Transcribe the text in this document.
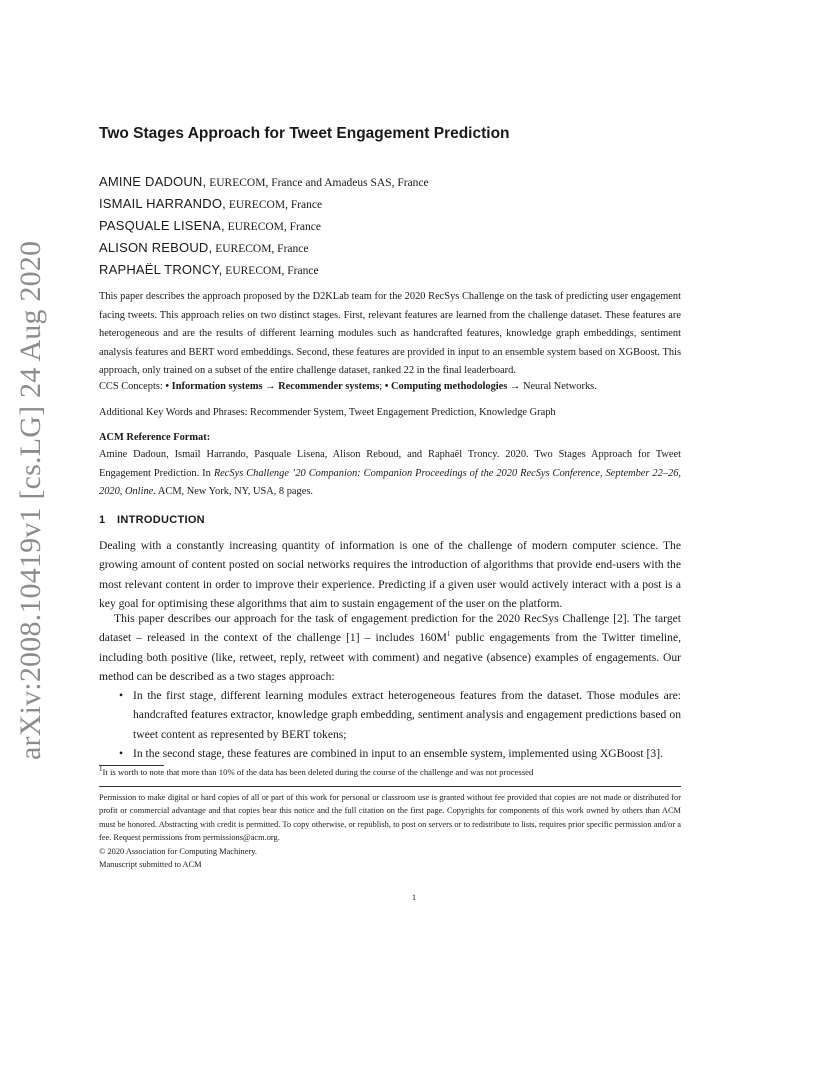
arXiv:2008.10419v1 [cs.LG] 24 Aug 2020
Two Stages Approach for Tweet Engagement Prediction
AMINE DADOUN, EURECOM, France and Amadeus SAS, France
ISMAIL HARRANDO, EURECOM, France
PASQUALE LISENA, EURECOM, France
ALISON REBOUD, EURECOM, France
RAPHAËL TRONCY, EURECOM, France
This paper describes the approach proposed by the D2KLab team for the 2020 RecSys Challenge on the task of predicting user engagement facing tweets. This approach relies on two distinct stages. First, relevant features are learned from the challenge dataset. These features are heterogeneous and are the results of different learning modules such as handcrafted features, knowledge graph embeddings, sentiment analysis features and BERT word embeddings. Second, these features are provided in input to an ensemble system based on XGBoost. This approach, only trained on a subset of the entire challenge dataset, ranked 22 in the final leaderboard.
CCS Concepts: • Information systems → Recommender systems; • Computing methodologies → Neural Networks.
Additional Key Words and Phrases: Recommender System, Tweet Engagement Prediction, Knowledge Graph
ACM Reference Format:
Amine Dadoun, Ismail Harrando, Pasquale Lisena, Alison Reboud, and Raphaël Troncy. 2020. Two Stages Approach for Tweet Engagement Prediction. In RecSys Challenge ’20 Companion: Companion Proceedings of the 2020 RecSys Conference, September 22–26, 2020, Online. ACM, New York, NY, USA, 8 pages.
1 INTRODUCTION
Dealing with a constantly increasing quantity of information is one of the challenge of modern computer science. The growing amount of content posted on social networks requires the introduction of algorithms that provide end-users with the most relevant content in order to improve their experience. Predicting if a given user would actively interact with a post is a key goal for optimising these algorithms that aim to sustain engagement of the user on the platform.
This paper describes our approach for the task of engagement prediction for the 2020 RecSys Challenge [2]. The target dataset – released in the context of the challenge [1] – includes $160M^1$ public engagements from the Twitter timeline, including both positive (like, retweet, reply, retweet with comment) and negative (absence) examples of engagements. Our method can be described as a two stages approach:
• In the first stage, different learning modules extract heterogeneous features from the dataset. Those modules are: handcrafted features extractor, knowledge graph embedding, sentiment analysis and engagement predictions based on tweet content as represented by BERT tokens;
• In the second stage, these features are combined in input to an ensemble system, implemented using XGBoost [3].
$^1$It is worth to note that more than 10% of the data has been deleted during the course of the challenge and was not processed
Permission to make digital or hard copies of all or part of this work for personal or classroom use is granted without fee provided that copies are not made or distributed for profit or commercial advantage and that copies bear this notice and the full citation on the first page. Copyrights for components of this work owned by others than ACM must be honored. Abstracting with credit is permitted. To copy otherwise, or republish, to post on servers or to redistribute to lists, requires prior specific permission and/or a fee. Request permissions from permissions@acm.org.
© 2020 Association for Computing Machinery.
Manuscript submitted to ACM
1
